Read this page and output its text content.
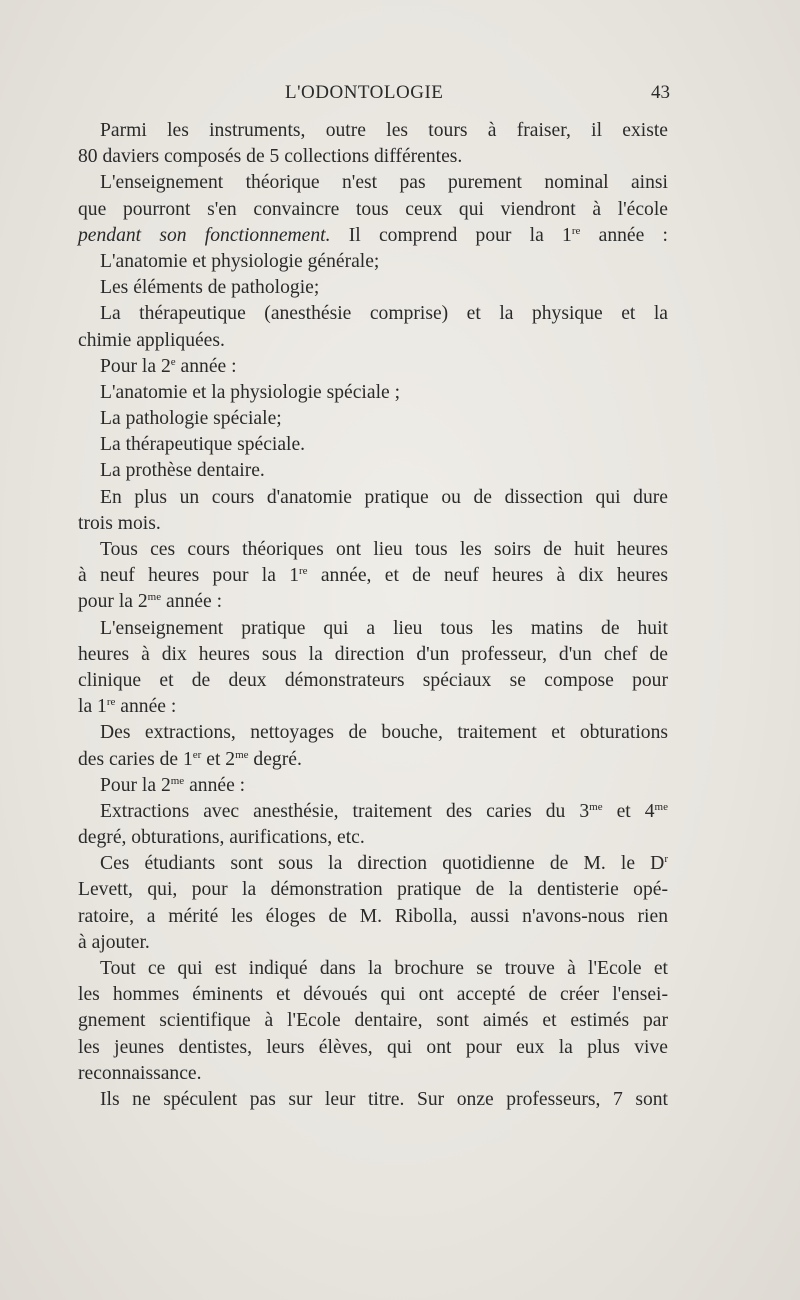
L'ODONTOLOGIE	43
Parmi les instruments, outre les tours à fraiser, il existe
80 daviers composés de 5 collections différentes.
L'enseignement théorique n'est pas purement nominal ainsi
que pourront s'en convaincre tous ceux qui viendront à l'école
pendant son fonctionnement. Il comprend pour la 1re année :
L'anatomie et physiologie générale;
Les éléments de pathologie;
La thérapeutique (anesthésie comprise) et la physique et la
chimie appliquées.
Pour la 2e année :
L'anatomie et la physiologie spéciale ;
La pathologie spéciale;
La thérapeutique spéciale.
La prothèse dentaire.
En plus un cours d'anatomie pratique ou de dissection qui dure
trois mois.
Tous ces cours théoriques ont lieu tous les soirs de huit heures
à neuf heures pour la 1re année, et de neuf heures à dix heures
pour la $2^{me}$ année :
L'enseignement pratique qui a lieu tous les matins de huit
heures à dix heures sous la direction d'un professeur, d'un chef de
clinique et de deux démonstrateurs spéciaux se compose pour
la 1re année :
Des extractions, nettoyages de bouche, traitement et obturations
des caries de 1er et $2^{me}$ degré.
Pour la $2^{me}$ année :
Extractions avec anesthésie, traitement des caries du $3^{me}$ et $4^{me}$
degré, obturations, aurifications, etc.
Ces étudiants sont sous la direction quotidienne de M. le $D^r$
Levett, qui, pour la démonstration pratique de la dentisterie opé-
ratoire, a mérité les éloges de M. Ribolla, aussi n'avons-nous rien
à ajouter.
Tout ce qui est indiqué dans la brochure se trouve à l'Ecole et
les hommes éminents et dévoués qui ont accepté de créer l'ensei-
gnement scientifique à l'Ecole dentaire, sont aimés et estimés par
les jeunes dentistes, leurs élèves, qui ont pour eux la plus vive
reconnaissance.
Ils ne spéculent pas sur leur titre. Sur onze professeurs, 7 sont
